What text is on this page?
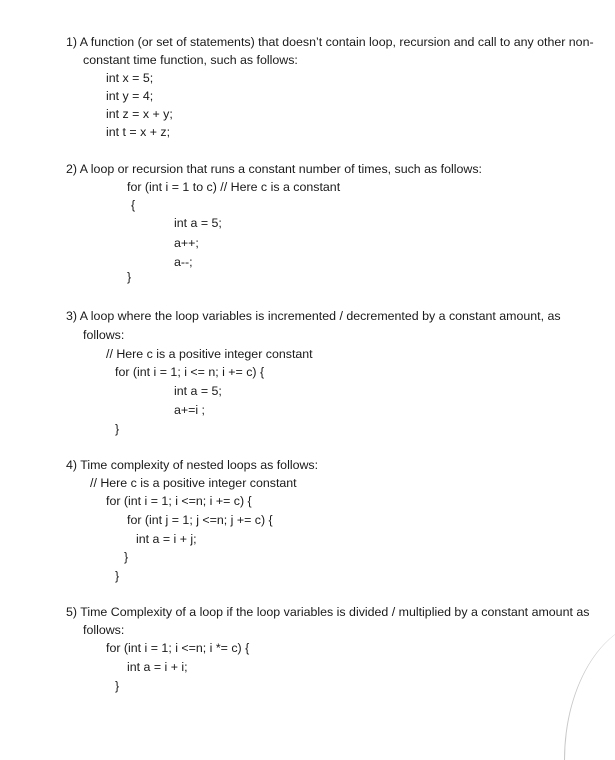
1) A function (or set of statements) that doesn’t contain loop, recursion and call to any other non-
constant time function, such as follows:
int x = 5;
int y = 4;
int z = x + y;
int t = x + z;
2) A loop or recursion that runs a constant number of times, such as follows:
for (int i = 1 to c) // Here c is a constant
{
int a = 5;
a++;
a--;
}
3) A loop where the loop variables is incremented / decremented by a constant amount, as
follows:
// Here c is a positive integer constant
for (int i = 1; i <= n; i += c) {
int a = 5;
a+=i ;
}
4) Time complexity of nested loops as follows:
// Here c is a positive integer constant
for (int i = 1; i <=n; i += c) {
for (int j = 1; j <=n; j += c) {
int a = i + j;
}
}
5) Time Complexity of a loop if the loop variables is divided / multiplied by a constant amount as
follows:
for (int i = 1; i <=n; i *= c) {
int a = i + i;
}
